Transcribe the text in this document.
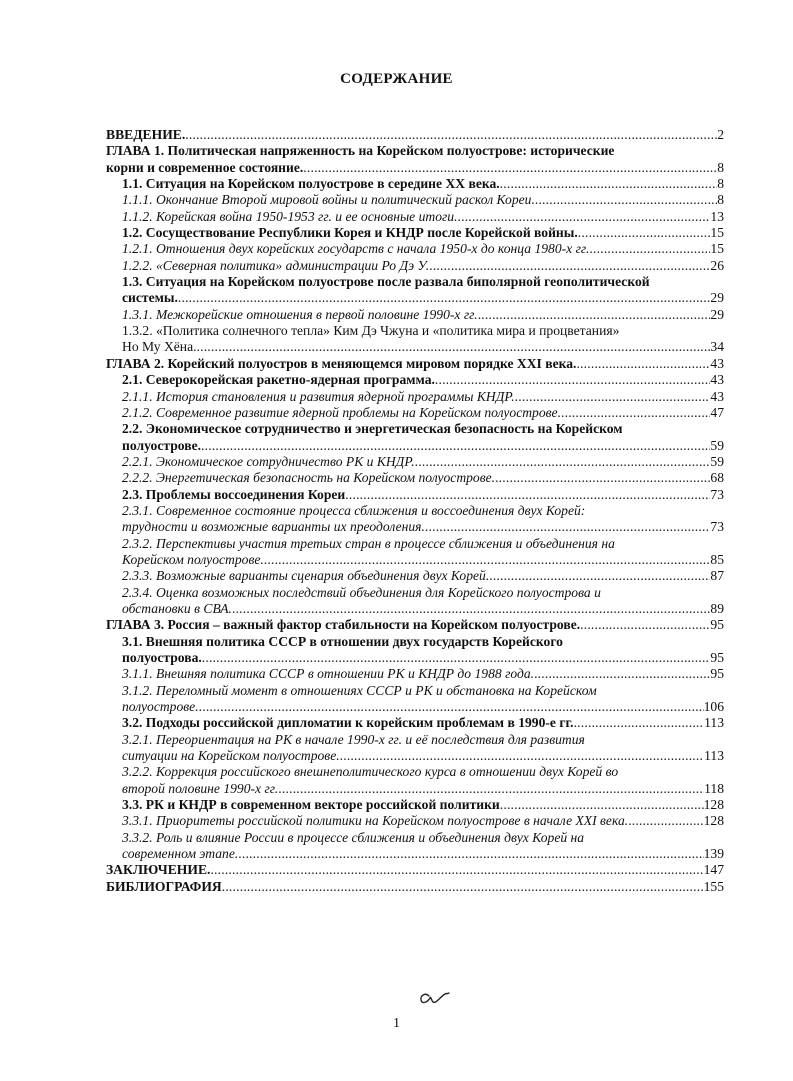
СОДЕРЖАНИЕ
ВВЕДЕНИЕ. .....	2
ГЛАВА 1. Политическая напряженность на Корейском полуострове: исторические
корни и современное состояние. .....	8
1.1. Ситуация на Корейском полуострове в середине XX века. .....	8
1.1.1. Окончание Второй мировой войны и политический раскол Кореи. .....	8
1.1.2. Корейская война 1950-1953 гг. и ее основные итоги. .....	13
1.2. Сосуществование Республики Корея и КНДР после Корейской войны. .....	15
1.2.1. Отношения двух корейских государств с начала 1950-х до конца 1980-х гг. .....	15
1.2.2. «Северная политика» администрации Ро Дэ У. .....	26
1.3. Ситуация на Корейском полуострове после развала биполярной геополитической
системы. .....	29
1.3.1. Межкорейские отношения в первой половине 1990-х гг. .....	29
1.3.2. «Политика солнечного тепла» Ким Дэ Чжуна и «политика мира и процветания»
Но Му Хёна. .....	34
ГЛАВА 2. Корейский полуостров в меняющемся мировом порядке XXI века. .....	43
2.1. Северокорейская ракетно-ядерная программа. .....	43
2.1.1. История становления и развития ядерной программы КНДР. .....	43
2.1.2. Современное развитие ядерной проблемы на Корейском полуострове. .....	47
2.2. Экономическое сотрудничество и энергетическая безопасность на Корейском
полуострове. .....	59
2.2.1. Экономическое сотрудничество РК и КНДР. .....	59
2.2.2. Энергетическая безопасность на Корейском полуострове. .....	68
2.3. Проблемы воссоединения Кореи .....	73
2.3.1. Современное состояние процесса сближения и воссоединения двух Корей:
трудности и возможные варианты их преодоления. .....	73
2.3.2. Перспективы участия третьих стран в процессе сближения и объединения на
Корейском полуострове. .....	85
2.3.3. Возможные варианты сценария объединения двух Корей. .....	87
2.3.4. Оценка возможных последствий объединения для Корейского полуострова и
обстановки в СВА. .....	89
ГЛАВА 3. Россия – важный фактор стабильности на Корейском полуострове. .....	95
3.1. Внешняя политика СССР в отношении двух государств Корейского
полуострова. .....	95
3.1.1. Внешняя политика СССР в отношении РК и КНДР до 1988 года. .....	95
3.1.2. Переломный момент в отношениях СССР и РК и обстановка на Корейском
полуострове. .....	106
3.2. Подходы российской дипломатии к корейским проблемам в 1990-е гг. .....	113
3.2.1. Переориентация на РК в начале 1990-х гг. и её последствия для развития
ситуации на Корейском полуострове. .....	113
3.2.2. Коррекция российского внешнеполитического курса в отношении двух Корей во
второй половине 1990-х гг. .....	118
3.3. РК и КНДР в современном векторе российской политики .....	128
3.3.1. Приоритеты российской политики на Корейском полуострове в начале XXI века. .....	128
3.3.2. Роль и влияние России в процессе сближения и объединения двух Корей на
современном этапе. .....	139
ЗАКЛЮЧЕНИЕ. .....	147
БИБЛИОГРАФИЯ .....	155
1
